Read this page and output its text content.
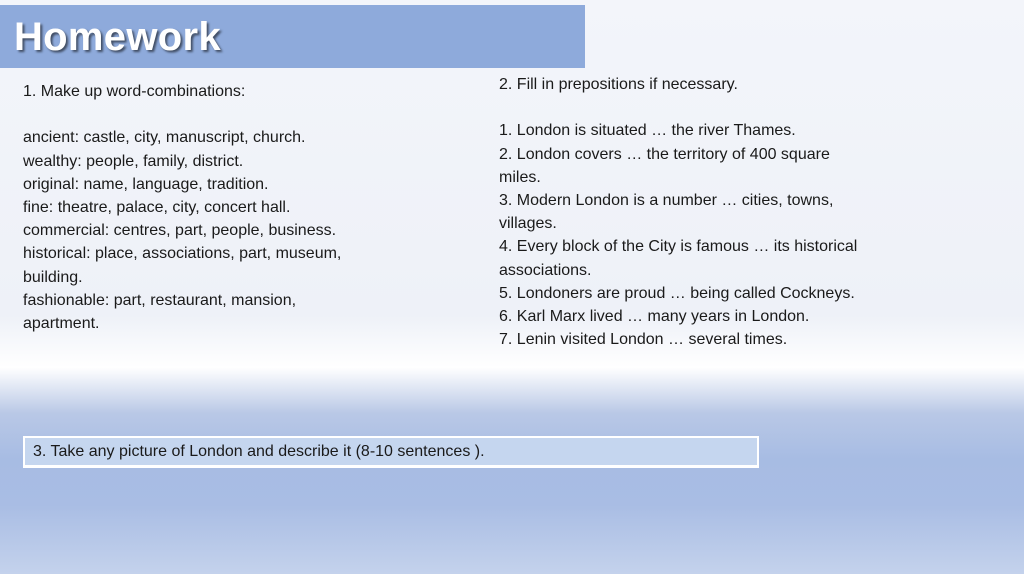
Homework
1. Make up word-combinations:
ancient: castle, city, manuscript, church.
wealthy: people, family, district.
original: name, language, tradition.
fine: theatre, palace, city, concert hall.
commercial: centres, part, people, business.
historical: place, associations, part, museum,
building.
fashionable: part, restaurant, mansion,
apartment.
2. Fill in prepositions if necessary.
1. London is situated … the river Thames.
2. London covers … the territory of 400 square
miles.
3. Modern London is a number … cities, towns,
villages.
4. Every block of the City is famous … its historical
associations.
5. Londoners are proud … being called Cockneys.
6. Karl Marx lived … many years in London.
7. Lenin visited London … several times.
3. Take any picture of London and describe it (8-10 sentences ).
